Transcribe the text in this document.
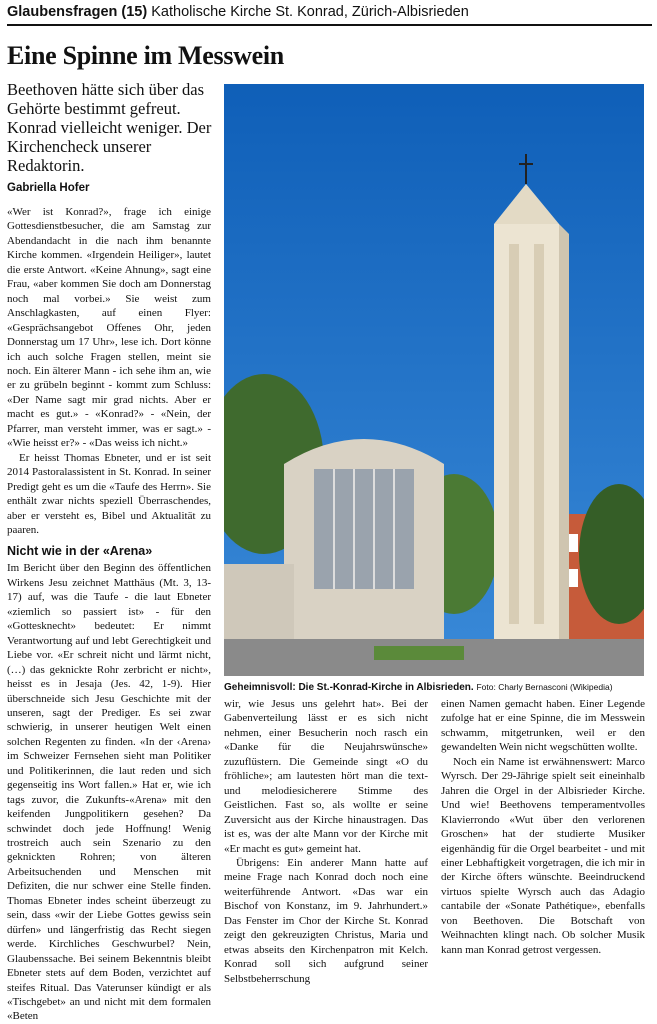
Glaubensfragen (15) Katholische Kirche St. Konrad, Zürich-Albisrieden
Eine Spinne im Messwein
Beethoven hätte sich über das Gehörte bestimmt gefreut. Konrad vielleicht weniger. Der Kirchencheck unserer Redaktorin.
Gabriella Hofer

«Wer ist Konrad?», frage ich einige Gottesdienstbesucher, die am Samstag zur Abendandacht in die nach ihm benannte Kirche kommen. «Irgendein Heiliger», lautet die erste Antwort. «Keine Ahnung», sagt eine Frau, «aber kommen Sie doch am Donnerstag noch mal vorbei.» Sie weist zum Anschlagkasten, auf einen Flyer: «Gesprächsangebot Offenes Ohr, jeden Donnerstag um 17 Uhr», lese ich. Dort könne ich auch solche Fragen stellen, meint sie noch. Ein älterer Mann - ich sehe ihm an, wie er zu grübeln beginnt - kommt zum Schluss: «Der Name sagt mir grad nichts. Aber er macht es gut.» - «Konrad?» - «Nein, der Pfarrer, man versteht immer, was er sagt.» - «Wie heisst er?» - «Das weiss ich nicht.»

Er heisst Thomas Ebneter, und er ist seit 2014 Pastoralassistent in St. Konrad. In seiner Predigt geht es um die «Taufe des Herrn». Sie enthält zwar nichts speziell Überraschendes, aber er versteht es, Bibel und Aktualität zu paaren.

Nicht wie in der «Arena»

Im Bericht über den Beginn des öffentlichen Wirkens Jesu zeichnet Matthäus (Mt. 3, 13-17) auf, was die Taufe - die laut Ebneter «ziemlich so passiert ist» - für den «Gottesknecht» bedeutet: Er nimmt Verantwortung auf und lebt Gerechtigkeit und Liebe vor. «Er schreit nicht und lärmt nicht, (…) das geknickte Rohr zerbricht er nicht», heisst es in Jesaja (Jes. 42, 1-9). Hier überschneide sich Jesu Geschichte mit der unseren, sagt der Prediger. Es sei zwar schwierig, in unserer heutigen Welt einen solchen Regenten zu finden. «In der ‹Arena› im Schweizer Fernsehen sieht man Politiker und Politikerinnen, die laut reden und sich gegenseitig ins Wort fallen.» Hat er, wie ich tags zuvor, die Zukunfts-«Arena» mit den keifenden Jungpolitikern gesehen? Da schwindet doch jede Hoffnung! Wenig trostreich auch sein Szenario zu den geknickten Rohren; von älteren Arbeitsuchenden und Menschen mit Defiziten, die nur schwer eine Stelle finden. Thomas Ebneter indes scheint überzeugt zu sein, dass «wir der Liebe Gottes gewiss sein dürfen» und längerfristig das Recht siegen werde. Kirchliches Geschwurbel? Nein, Glaubenssache. Bei seinem Bekenntnis bleibt Ebneter stets auf dem Boden, verzichtet auf steifes Ritual. Das Vaterunser kündigt er als «Tischgebet» an und nicht mit dem formalen «Beten

Geheimnisvoll: Die St.-Konrad-Kirche in Albisrieden. Foto: Charly Bernasconi (Wikipedia)

wir, wie Jesus uns gelehrt hat». Bei der Gabenverteilung lässt er es sich nicht nehmen, einer Besucherin noch rasch ein «Danke für die Neujahrswünsche» zuzuflüstern. Die Gemeinde singt «O du fröhliche»; am lautesten hört man die text- und melodiesicherere Stimme des Geistlichen. Fast so, als wollte er seine Zuversicht aus der Kirche hinaustragen. Das ist es, was der alte Mann vor der Kirche mit «Er macht es gut» gemeint hat.

Übrigens: Ein anderer Mann hatte auf meine Frage nach Konrad doch noch eine weiterführende Antwort. «Das war ein Bischof von Konstanz, im 9. Jahrhundert.» Das Fenster im Chor der Kirche St. Konrad zeigt den gekreuzigten Christus, Maria und etwas abseits den Kirchenpatron mit Kelch. Konrad soll sich aufgrund seiner Selbstbeherrschung

einen Namen gemacht haben. Einer Legende zufolge hat er eine Spinne, die im Messwein schwamm, mitgetrunken, weil er den gewandelten Wein nicht wegschütten wollte.

Noch ein Name ist erwähnenswert: Marco Wyrsch. Der 29-Jährige spielt seit eineinhalb Jahren die Orgel in der Albisrieder Kirche. Und wie! Beethovens temperamentvolles Klavierrondo «Wut über den verlorenen Groschen» hat der studierte Musiker eigenhändig für die Orgel bearbeitet - und mit einer Lebhaftigkeit vorgetragen, die ich mir in der Kirche öfters wünschte. Beeindruckend virtuos spielte Wyrsch auch das Adagio cantabile der «Sonate Pathétique», ebenfalls von Beethoven. Die Botschaft von Weihnachten klingt nach. Ob solcher Musik kann man Konrad getrost vergessen.
